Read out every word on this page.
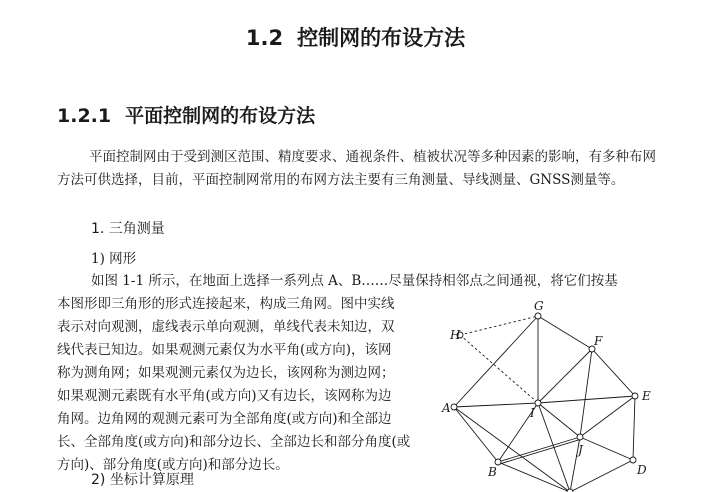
1.2 控制网的布设方法
1.2.1 平面控制网的布设方法

平面控制网由于受到测区范围、精度要求、通视条件、植被状况等多种因素的影响，有多种布网方法可供选择，目前，平面控制网常用的布网方法主要有三角测量、导线测量、GNSS测量等。

1. 三角测量
1) 网形
如图 1-1 所示，在地面上选择一系列点 A、B……尽量保持相邻点之间通视，将它们按基
本图形即三角形的形式连接起来，构成三角网。图中实线
表示对向观测，虚线表示单向观测，单线代表未知边，双
线代表已知边。如果观测元素仅为水平角(或方向)，该网
称为测角网；如果观测元素仅为边长，该网称为测边网；
如果观测元素既有水平角(或方向)又有边长，该网称为边
角网。边角网的观测元素可为全部角度(或方向)和全部边
长、全部角度(或方向)和部分边长、全部边长和部分角度(或
方向)、部分角度(或方向)和部分边长。
2) 坐标计算原理
H
G
F
E
D
B
A	I
J
